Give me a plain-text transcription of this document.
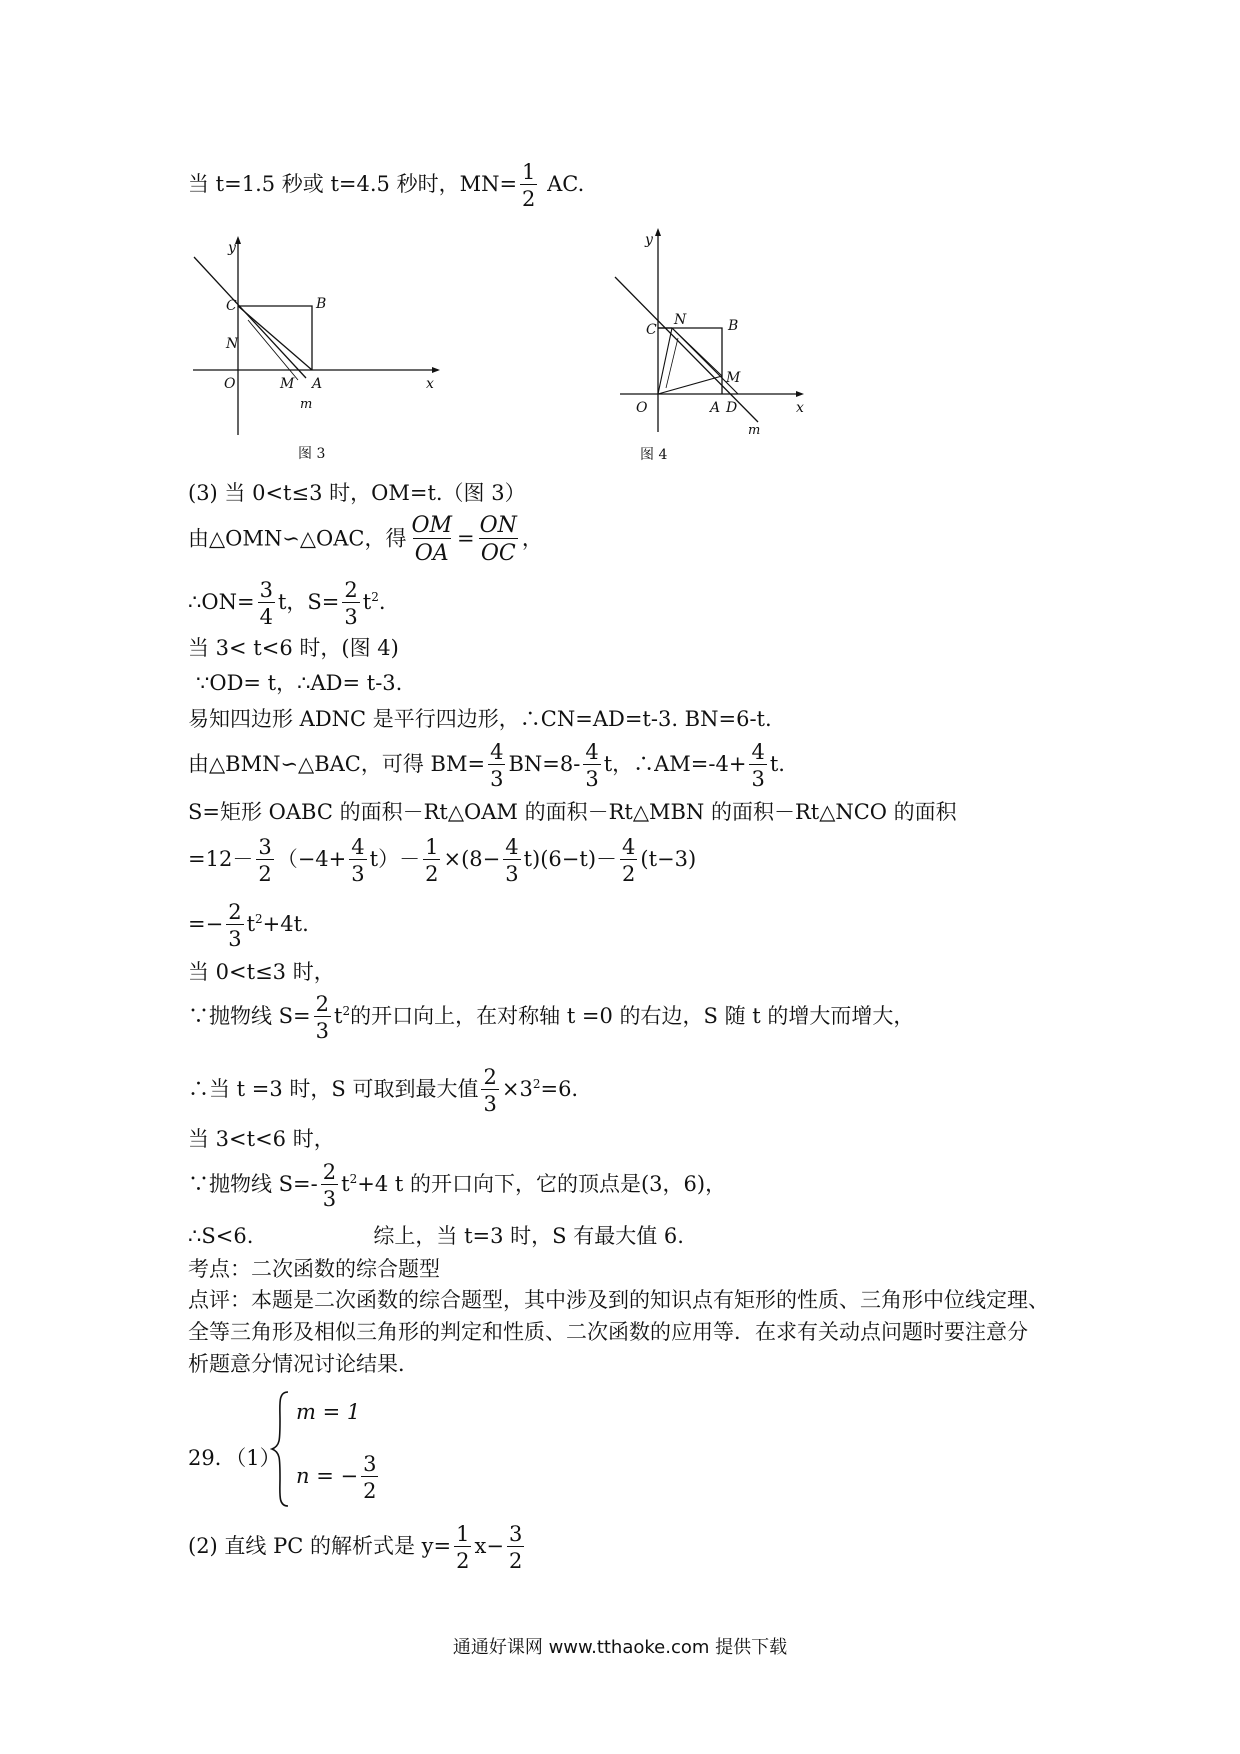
当 t=1.5 秒或 t=4.5 秒时，$MN= \frac{1}{2}$ AC.
y
x
C	B
N
O	M A
m
图 3
y
x
C
N	B
M
O	A D
m
图 4
(3) 当 0<t≤3 时，OM=t.（图 3）
由△OMN∽△OAC，得 $\frac{OM}{OA} = \frac{ON}{OC}$ ，
∴ON= $\frac{3}{4}$ t，$S= \frac{2}{3} t^2$.
当 3< t<6 时，(图 4)
∵OD= t，∴AD= t-3.
易知四边形 ADNC 是平行四边形，∴CN=AD=t-3. BN=6-t.
由△BMN∽△BAC，可得 $BM= \frac{4}{3} BN=8- \frac{4}{3}$ t，∴AM=-4+ $\frac{4}{3} t$.
S=矩形 OABC 的面积－Rt△OAM 的面积－Rt△MBN 的面积－Rt△NCO 的面积
$=12- \frac{3}{2} (-4+ \frac{4}{3} t)- \frac{1}{2} \times(8- \frac{4}{3} t)(6-t)- \frac{4}{2} (t-3)$
=− $\frac{2}{3} t^2+4t$.
当 0<t≤3 时，
∵抛物线 $S= \frac{2}{3} t^2$的开口向上，在对称轴 t =0 的右边，S 随 t 的增大而增大，
∴当 t =3 时，S 可取到最大值 $\frac{2}{3} \times 3^2=6$.
当 3<t<6 时，
∵抛物线 $S=- \frac{2}{3} t^2+4$ t 的开口向下，它的顶点是(3，6)，
∴S<6.	综上，当 t=3 时，S 有最大值 6.
考点：二次函数的综合题型
点评：本题是二次函数的综合题型，其中涉及到的知识点有矩形的性质、三角形中位线定理、
全等三角形及相似三角形的判定和性质、二次函数的应用等．在求有关动点问题时要注意分
析题意分情况讨论结果．
29．（1）
m = 1
n = − $\frac{3}{2}$
(2) 直线 PC 的解析式是 $y= \frac{1}{2} x- \frac{3}{2}$
通通好课网 www.tthaoke.com 提供下载
